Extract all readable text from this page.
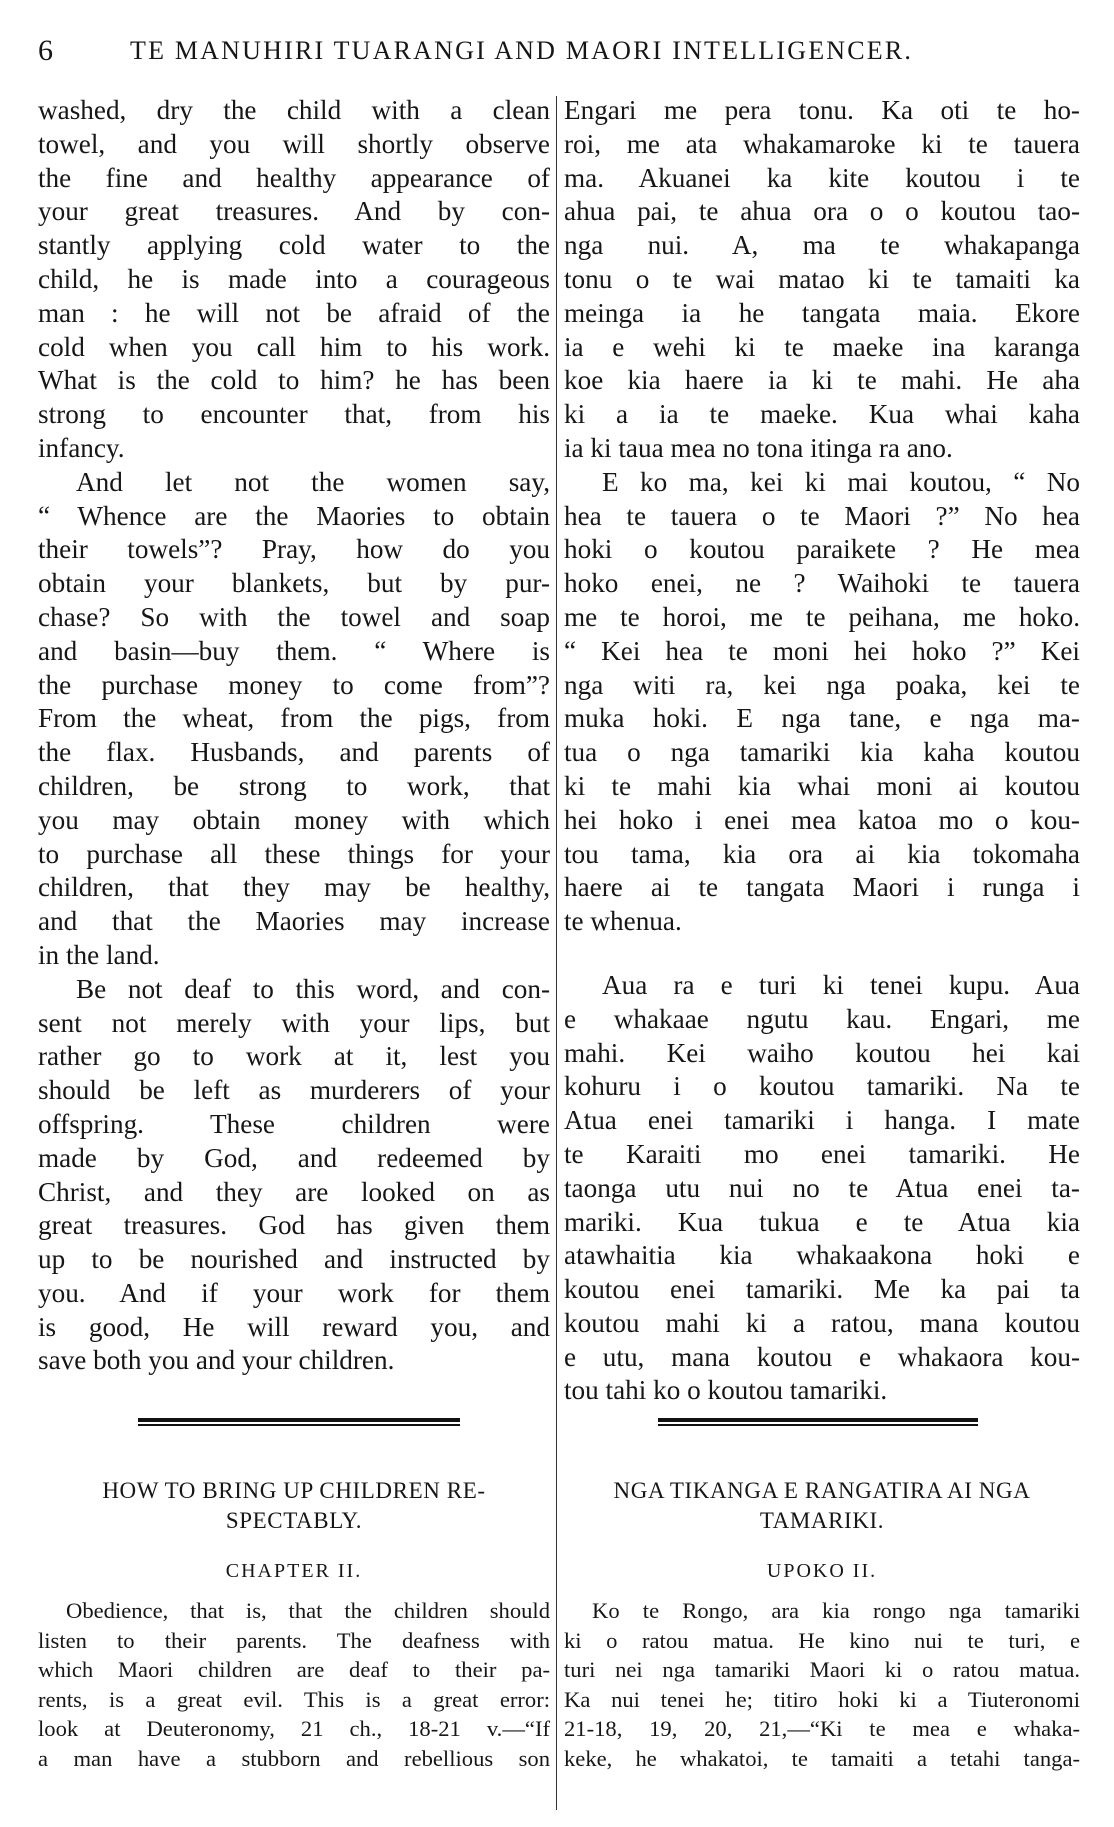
6	TE MANUHIRI TUARANGI AND MAORI INTELLIGENCER.
washed, dry the child with a clean
towel, and you will shortly observe
the fine and healthy appearance of
your great treasures. And by con-
stantly applying cold water to the
child, he is made into a courageous
man : he will not be afraid of the
cold when you call him to his work.
What is the cold to him? he has been
strong to encounter that, from his
infancy.
And let not the women say,
“ Whence are the Maories to obtain
their towels”? Pray, how do you
obtain your blankets, but by pur-
chase? So with the towel and soap
and basin—buy them. “ Where is
the purchase money to come from”?
From the wheat, from the pigs, from
the flax. Husbands, and parents of
children, be strong to work, that
you may obtain money with which
to purchase all these things for your
children, that they may be healthy,
and that the Maories may increase
in the land.
Be not deaf to this word, and con-
sent not merely with your lips, but
rather go to work at it, lest you
should be left as murderers of your
offspring. These children were
made by God, and redeemed by
Christ, and they are looked on as
great treasures. God has given them
up to be nourished and instructed by
you. And if your work for them
is good, He will reward you, and
save both you and your children.
Engari me pera tonu. Ka oti te ho-
roi, me ata whakamaroke ki te tauera
ma. Akuanei ka kite koutou i te
ahua pai, te ahua ora o o koutou tao-
nga nui. A, ma te whakapanga
tonu o te wai matao ki te tamaiti ka
meinga ia he tangata maia. Ekore
ia e wehi ki te maeke ina karanga
koe kia haere ia ki te mahi. He aha
ki a ia te maeke. Kua whai kaha
ia ki taua mea no tona itinga ra ano.
E ko ma, kei ki mai koutou, “ No
hea te tauera o te Maori ?” No hea
hoki o koutou paraikete ? He mea
hoko enei, ne ? Waihoki te tauera
me te horoi, me te peihana, me hoko.
“ Kei hea te moni hei hoko ?” Kei
nga witi ra, kei nga poaka, kei te
muka hoki. E nga tane, e nga ma-
tua o nga tamariki kia kaha koutou
ki te mahi kia whai moni ai koutou
hei hoko i enei mea katoa mo o kou-
tou tama, kia ora ai kia tokomaha
haere ai te tangata Maori i runga i
te whenua.
Aua ra e turi ki tenei kupu. Aua
e whakaae ngutu kau. Engari, me
mahi. Kei waiho koutou hei kai
kohuru i o koutou tamariki. Na te
Atua enei tamariki i hanga. I mate
te Karaiti mo enei tamariki. He
taonga utu nui no te Atua enei ta-
mariki. Kua tukua e te Atua kia
atawhaitia kia whakaakona hoki e
koutou enei tamariki. Me ka pai ta
koutou mahi ki a ratou, mana koutou
e utu, mana koutou e whakaora kou-
tou tahi ko o koutou tamariki.
HOW TO BRING UP CHILDREN RE-
SPECTABLY.
NGA TIKANGA E RANGATIRA AI NGA
TAMARIKI.
CHAPTER II.	UPOKO II.
Obedience, that is, that the children should
listen to their parents. The deafness with
which Maori children are deaf to their pa-
rents, is a great evil. This is a great error:
look at Deuteronomy, 21 ch., 18-21 v.—“If
a man have a stubborn and rebellious son
Ko te Rongo, ara kia rongo nga tamariki
ki o ratou matua. He kino nui te turi, e
turi nei nga tamariki Maori ki o ratou matua.
Ka nui tenei he; titiro hoki ki a Tiuteronomi
21-18, 19, 20, 21,—“Ki te mea e whaka-
keke, he whakatoi, te tamaiti a tetahi tanga-
